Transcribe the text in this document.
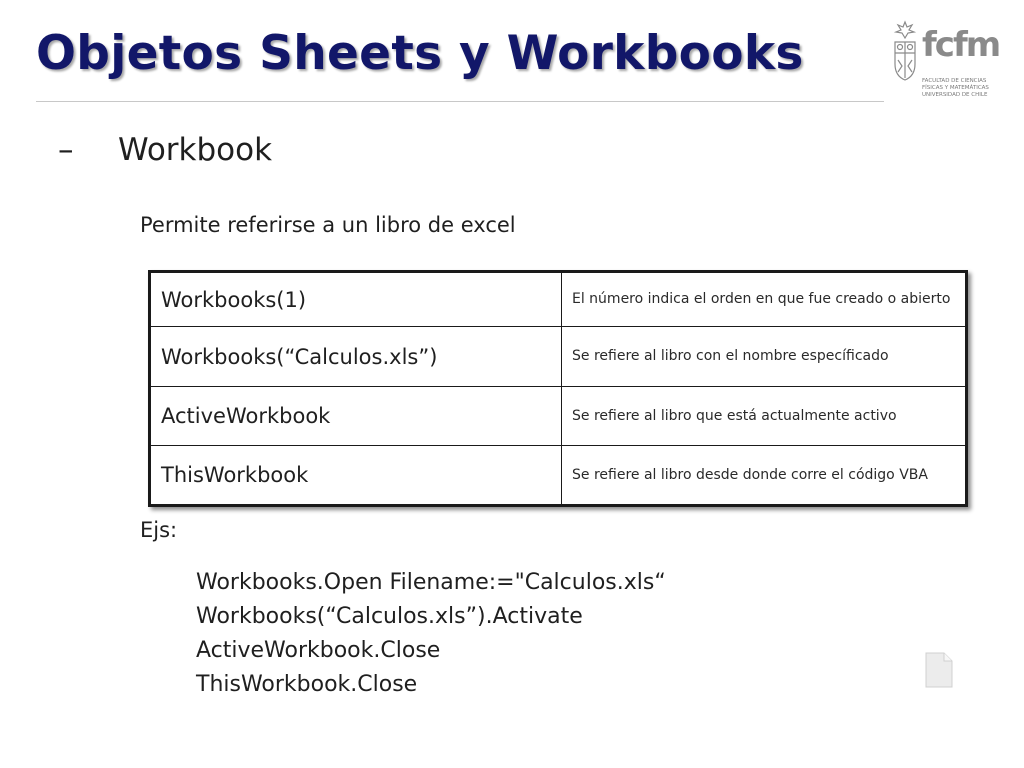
Objetos Sheets y Workbooks	fcfm
FACULTAD DE CIENCIAS
FÍSICAS Y MATEMÁTICAS
UNIVERSIDAD DE CHILE
– Workbook
Permite referirse a un libro de excel
Workbooks(1)	El número indica el orden en que fue creado o abierto
Workbooks(“Calculos.xls”)	Se refiere al libro con el nombre específicado
ActiveWorkbook	Se refiere al libro que está actualmente activo
ThisWorkbook	Se refiere al libro desde donde corre el código VBA
Ejs:
Workbooks.Open Filename:="Calculos.xls“
Workbooks(“Calculos.xls”).Activate
ActiveWorkbook.Close
ThisWorkbook.Close
